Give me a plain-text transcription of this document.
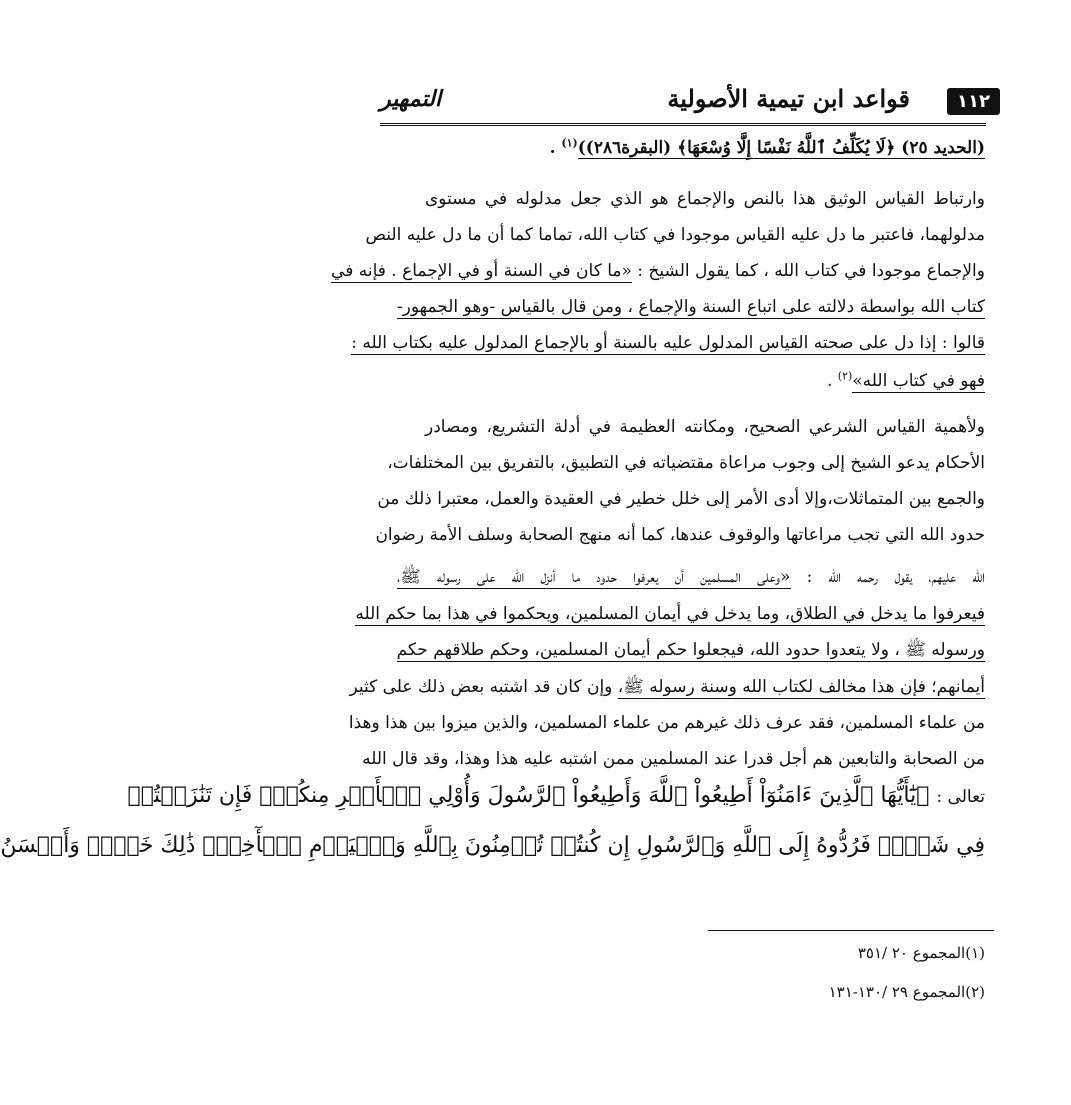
١١٢
قواعد ابن تيمية الأصولية
التمهير
(الحديد ٢٥) ﴿لَا يُكَلِّفُ ٱللَّهُ نَفْسًا إِلَّا وُسْعَهَا﴾ (البقرة٢٨٦))$^{(١)}$ .
وارتباط القياس الوثيق هذا بالنص والإجماع هو الذي جعل مدلوله في مستوى
مدلولهما، فاعتبر ما دل عليه القياس موجودا في كتاب الله، تماما كما أن ما دل عليه النص
والإجماع موجودا في كتاب الله ، كما يقول الشيخ : «ما كان في السنة أو في الإجماع . فإنه في
كتاب الله بواسطة دلالته على اتباع السنة والإجماع ، ومن قال بالقياس -وهو الجمهور-
قالوا : إذا دل على صحته القياس المدلول عليه بالسنة أو بالإجماع المدلول عليه بكتاب الله :
فهو في كتاب الله»$^{(٢)}$ .
ولأهمية القياس الشرعي الصحيح، ومكانته العظيمة في أدلة التشريع، ومصادر
الأحكام يدعو الشيخ إلى وجوب مراعاة مقتضياته في التطبيق، بالتفريق بين المختلفات،
والجمع بين المتماثلات،وإلا أدى الأمر إلى خلل خطير في العقيدة والعمل، معتبرا ذلك من
حدود الله التي تجب مراعاتها والوقوف عندها، كما أنه منهج الصحابة وسلف الأمة رضوان
الله عليهم، يقول رحمه الله : «وعلى المسلمين أن يعرفوا حدود ما أنزل الله على رسوله ﷺ،
فيعرفوا ما يدخل في الطلاق، وما يدخل في أيمان المسلمين، ويحكموا في هذا بما حكم الله
ورسوله ﷺ ، ولا يتعدوا حدود الله، فيجعلوا حكم أيمان المسلمين، وحكم طلاقهم حكم
أيمانهم؛ فإن هذا مخالف لكتاب الله وسنة رسوله ﷺ، وإن كان قد اشتبه بعض ذلك على كثير
من علماء المسلمين، فقد عرف ذلك غيرهم من علماء المسلمين، والذين ميزوا بين هذا وهذا
من الصحابة والتابعين هم أجل قدرا عند المسلمين ممن اشتبه عليه هذا وهذا، وقد قال الله
تعالى : ﴿يَٰٓأَيُّهَا ٱلَّذِينَ ءَامَنُوٓاْ أَطِيعُواْ ٱللَّهَ وَأَطِيعُواْ ٱلرَّسُولَ وَأُوْلِي ٱلۡأَمۡرِ مِنكُمۡۖ فَإِن تَنَٰزَعۡتُمۡ
فِي شَيۡءٖ فَرُدُّوهُ إِلَى ٱللَّهِ وَٱلرَّسُولِ إِن كُنتُمۡ تُؤۡمِنُونَ بِٱللَّهِ وَٱلۡيَوۡمِ ٱلۡأٓخِرِۚ ذَٰلِكَ خَيۡرٞ وَأَحۡسَنُ
(١)المجموع ٢٠ /٣٥١
(٢)المجموع ٢٩ /١٣٠-١٣١
